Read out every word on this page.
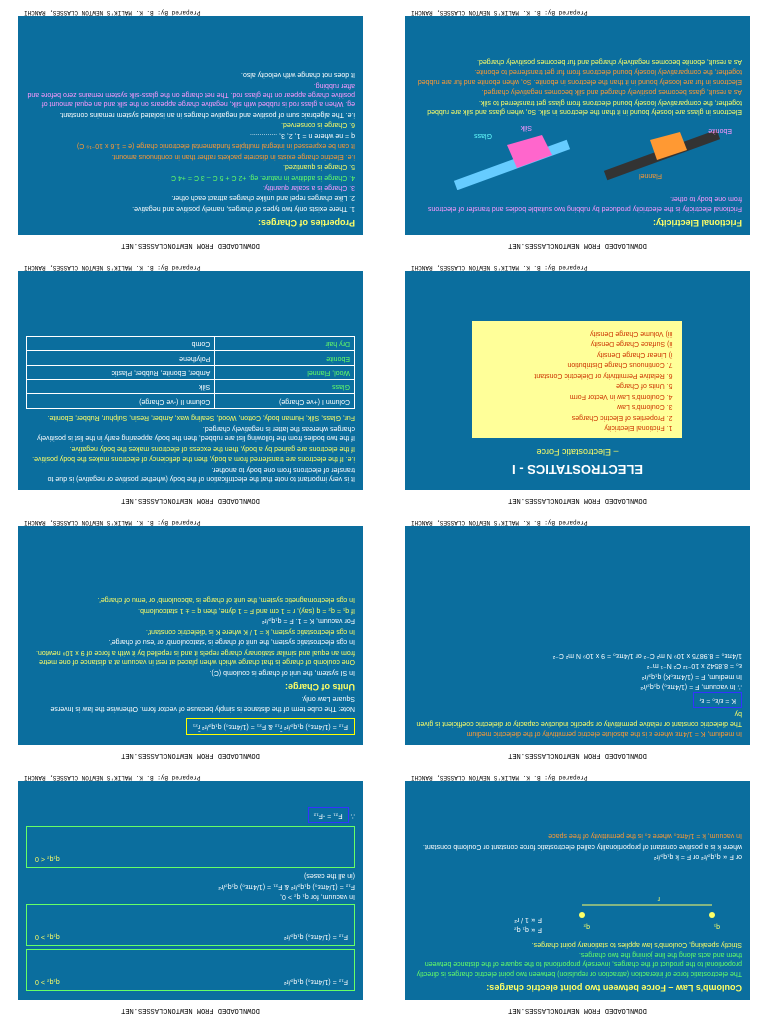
DOWNLOADED FROM NEWTONCLASSES.NET
Coulomb's Law – Force between two point electric charges:
The electrostatic force of interaction (attraction or repulsion) between two point electric charges is directly proportional to the product of the charges, inversely proportional to the square of the distance between them and acts along the line joining the two charges.
Strictly speaking, Coulomb's law applies to stationary point charges.
q₁
q₂
r
F ∝ q₁ q₂
F ∝ 1 / r²
or F ∝ q₁q₂/r² or F = k q₁q₂/r²
where k is a positive constant of proportionality called electrostatic force constant or Coulomb constant.
In vacuum, k = 1/4πε₀ where ε₀ is the permittivity of free space
Prepared By: B. K. MALIK'S NEWTON CLASSES, RANCHI
DOWNLOADED FROM NEWTONCLASSES.NET
F₁₂ = (1/4πε₀) q₁q₂/r²
q₁q₂ > 0
F₁₂ = (1/4πε₀) q₁q₂/r²
q₁q₂ > 0
In vacuum, for q₁ q₂ > 0,
F₁₂ = (1/4πε₀) q₁q₂/r² & F₂₁ = (1/4πε₀) q₁q₂/r²
(in all the cases)
q₁q₂ < 0
∴ F₂₁ = -F₁₂
Prepared By: B. K. MALIK'S NEWTON CLASSES, RANCHI
DOWNLOADED FROM NEWTONCLASSES.NET
In medium, K = 1/4πε where ε is the absolute electric permittivity of the dielectric medium
The dielectric constant or relative permittivity or specific inductive capacity or dielectric coefficient is given by
K = ε/ε₀ = εᵣ
∴ In vacuum, F = (1/4πε₀) q₁q₂/r²
In medium, F = (1/4πε₀K) q₁q₂/r²
ε₀ = 8.8542 x 10⁻¹² C² N⁻¹ m⁻²
1/4πε₀ = 8.9875 x 10⁹ N m² C⁻² or 1/4πε₀ = 9 x 10⁹ N m² C⁻²
Prepared By: B. K. MALIK'S NEWTON CLASSES, RANCHI
DOWNLOADED FROM NEWTONCLASSES.NET
F₁₂ = (1/4πε₀) q₁q₂/r² r̂₁₂ & F₂₁ = (1/4πε₀) q₁q₂/r² r̂₂₁
Note: The cube term of the distance is simply because of vector form. Otherwise the law is Inverse Square Law only.
Units of Charge:
In SI system, the unit of charge is coulomb (C).
One coulomb of charge is that charge which when placed at rest in vacuum at a distance of one metre from an equal and similar stationary charge repels it and is repelled by it with a force of 9 x 10⁹ newton.
In cgs electrostatic system, the unit of charge is 'statcoulomb' or 'esu of charge'.
In cgs electrostatic system, k = 1 / K where K is 'dielectric constant'.
For vacuum, K = 1. F = q₁q₂/r²
If q₁ = q₂ = q (say), r = 1 cm and F = 1 dyne, then q = ± 1 statcoulomb.
In cgs electromagnetic system, the unit of charge is 'abcoulomb' or 'emu of charge'.
Prepared By: B. K. MALIK'S NEWTON CLASSES, RANCHI
DOWNLOADED FROM NEWTONCLASSES.NET
ELECTROSTATICS - I
– Electrostatic Force
1. Frictional Electricity
2. Properties of Electric Charges
3. Coulomb's Law
4. Coulomb's Law in Vector Form
5. Units of Charge
6. Relative Permittivity or Dielectric Constant
7. Continuous Charge Distribution
i) Linear Charge Density
ii) Surface Charge Density
iii) Volume Charge Density
Prepared By: B. K. MALIK'S NEWTON CLASSES, RANCHI
DOWNLOADED FROM NEWTONCLASSES.NET
It is very important to note that the electrification of the body (whether positive or negative) is due to transfer of electrons from one body to another.
i.e. If the electrons are transferred from a body, then the deficiency of electrons makes the body positive.
If the electrons are gained by a body, then the excess of electrons makes the body negative.
If the two bodies from the following list are rubbed, then the body appearing early in the list is positively charges whereas the latter is negatively charged.
Fur, Glass, Silk, Human body, Cotton, Wood, Sealing wax, Amber, Resin, Sulphur, Rubber, Ebonite.
Column I (+ve Charge)	Column II (-ve Charge)
Glass	Silk
Wool, Flannel	Amber, Ebonite, Rubber, Plastic
Ebonite	Polythene
Dry hair	Comb
Prepared By: B. K. MALIK'S NEWTON CLASSES, RANCHI
DOWNLOADED FROM NEWTONCLASSES.NET
Frictional Electricity:
Frictional electricity is the electricity produced by rubbing two suitable bodies and transfer of electrons from one body to other.
Glass
Silk	Ebonite
Flannel
Electrons in glass are loosely bound in it than the electrons in silk. So, when glass and silk are rubbed together, the comparatively loosely bound electrons from glass get transferred to silk.
As a result, glass becomes positively charged and silk becomes negatively charged.
Electrons in fur are loosely bound in it than the electrons in ebonite. So, when ebonite and fur are rubbed together, the comparatively loosely bound electrons from fur get transferred to ebonite.
As a result, ebonite becomes negatively charged and fur becomes positively charged.
Prepared By: B. K. MALIK'S NEWTON CLASSES, RANCHI
DOWNLOADED FROM NEWTONCLASSES.NET
Properties of Charges:
1. There exists only two types of charges, namely positive and negative.
2. Like charges repel and unlike charges attract each other.
3. Charge is a scalar quantity.
4. Charge is additive in nature. eg. +2 C + 5 C – 3 C = +4 C
5. Charge is quantized.
i.e. Electric charge exists in discrete packets rather than in continuous amount.
It can be expressed in integral multiples fundamental electronic charge (e = 1.6 x 10⁻¹⁹ C)
q = ne where n = 1, 2, 3, ..............
6. Charge is conserved.
i.e. The algebraic sum of positive and negative charges in an isolated system remains constant.
eg. When a glass rod is rubbed with silk, negative charge appears on the silk and an equal amount of positive charge appear on the glass rod. The net charge on the glass-silk system remains zero before and after rubbing.
It does not change with velocity also.
Prepared By: B. K. MALIK'S NEWTON CLASSES, RANCHI
